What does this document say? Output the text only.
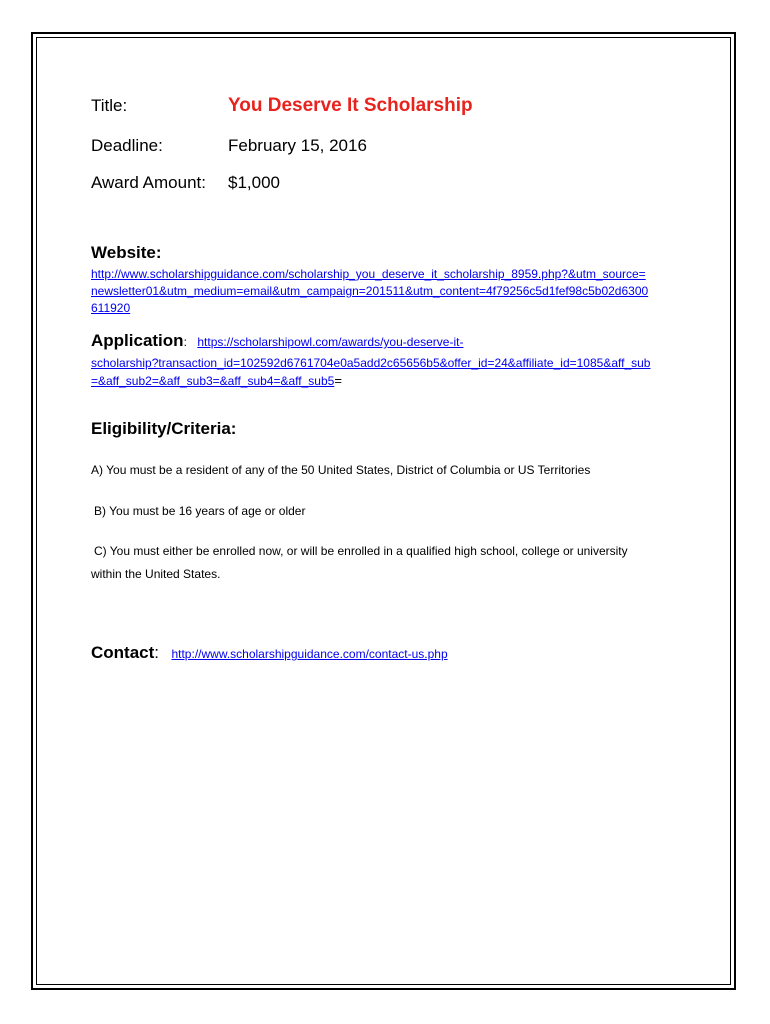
Title:	You Deserve It Scholarship
Deadline:	February 15, 2016
Award Amount: $1,000
Website:
http://www.scholarshipguidance.com/scholarship_you_deserve_it_scholarship_8959.php?&utm_source=
newsletter01&utm_medium=email&utm_campaign=201511&utm_content=4f79256c5d1fef98c5b02d6300
611920
Application: https://scholarshipowl.com/awards/you-deserve-it-
scholarship?transaction_id=102592d6761704e0a5add2c65656b5&offer_id=24&affiliate_id=1085&aff_sub
=&aff_sub2=&aff_sub3=&aff_sub4=&aff_sub5=
Eligibility/Criteria:
A) You must be a resident of any of the 50 United States, District of Columbia or US Territories
B) You must be 16 years of age or older
C) You must either be enrolled now, or will be enrolled in a qualified high school, college or university
within the United States.
Contact: http://www.scholarshipguidance.com/contact-us.php
